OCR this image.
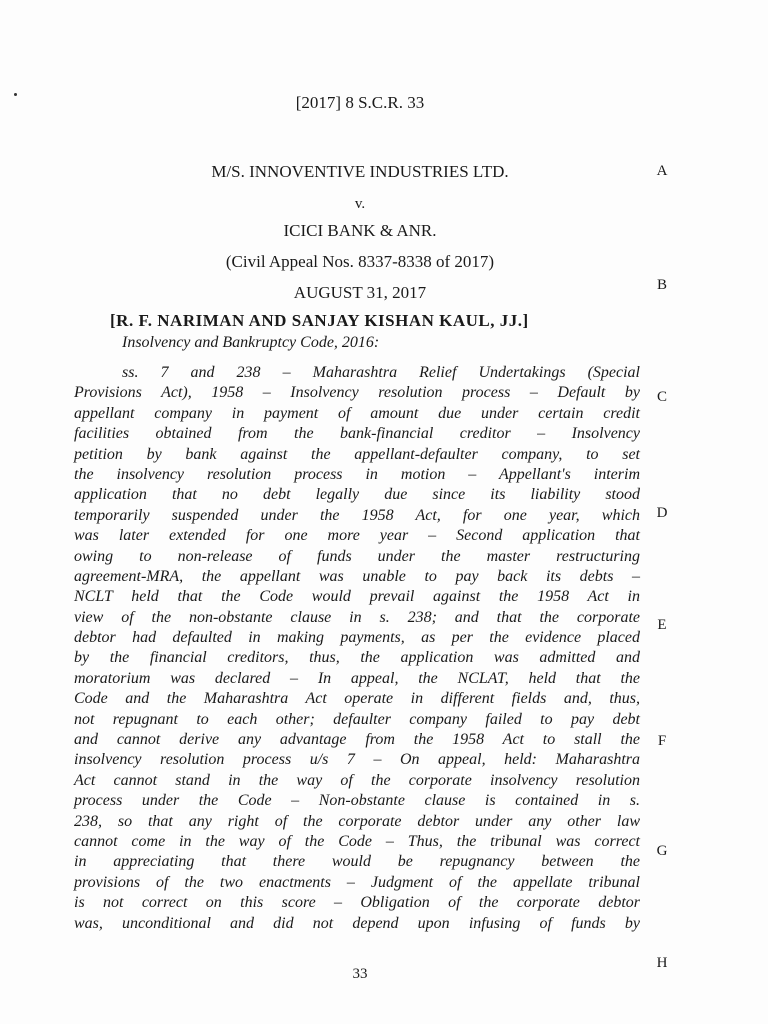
[2017] 8 S.C.R. 33
M/S. INNOVENTIVE INDUSTRIES LTD.
v.
ICICI BANK & ANR.
(Civil Appeal Nos. 8337-8338 of 2017)
AUGUST 31, 2017
[R. F. NARIMAN AND SANJAY KISHAN KAUL, JJ.]
Insolvency and Bankruptcy Code, 2016:
ss. 7 and 238 – Maharashtra Relief Undertakings (Special
Provisions Act), 1958 – Insolvency resolution process – Default by
appellant company in payment of amount due under certain credit
facilities obtained from the bank-financial creditor – Insolvency
petition by bank against the appellant-defaulter company, to set
the insolvency resolution process in motion – Appellant's interim
application that no debt legally due since its liability stood
temporarily suspended under the 1958 Act, for one year, which
was later extended for one more year – Second application that
owing to non-release of funds under the master restructuring
agreement-MRA, the appellant was unable to pay back its debts –
NCLT held that the Code would prevail against the 1958 Act in
view of the non-obstante clause in s. 238; and that the corporate
debtor had defaulted in making payments, as per the evidence placed
by the financial creditors, thus, the application was admitted and
moratorium was declared – In appeal, the NCLAT, held that the
Code and the Maharashtra Act operate in different fields and, thus,
not repugnant to each other; defaulter company failed to pay debt
and cannot derive any advantage from the 1958 Act to stall the
insolvency resolution process u/s 7 – On appeal, held: Maharashtra
Act cannot stand in the way of the corporate insolvency resolution
process under the Code – Non-obstante clause is contained in s.
238, so that any right of the corporate debtor under any other law
cannot come in the way of the Code – Thus, the tribunal was correct
in appreciating that there would be repugnancy between the
provisions of the two enactments – Judgment of the appellate tribunal
is not correct on this score – Obligation of the corporate debtor
was, unconditional and did not depend upon infusing of funds by
A
B
C
D
E
F
G
H
33
